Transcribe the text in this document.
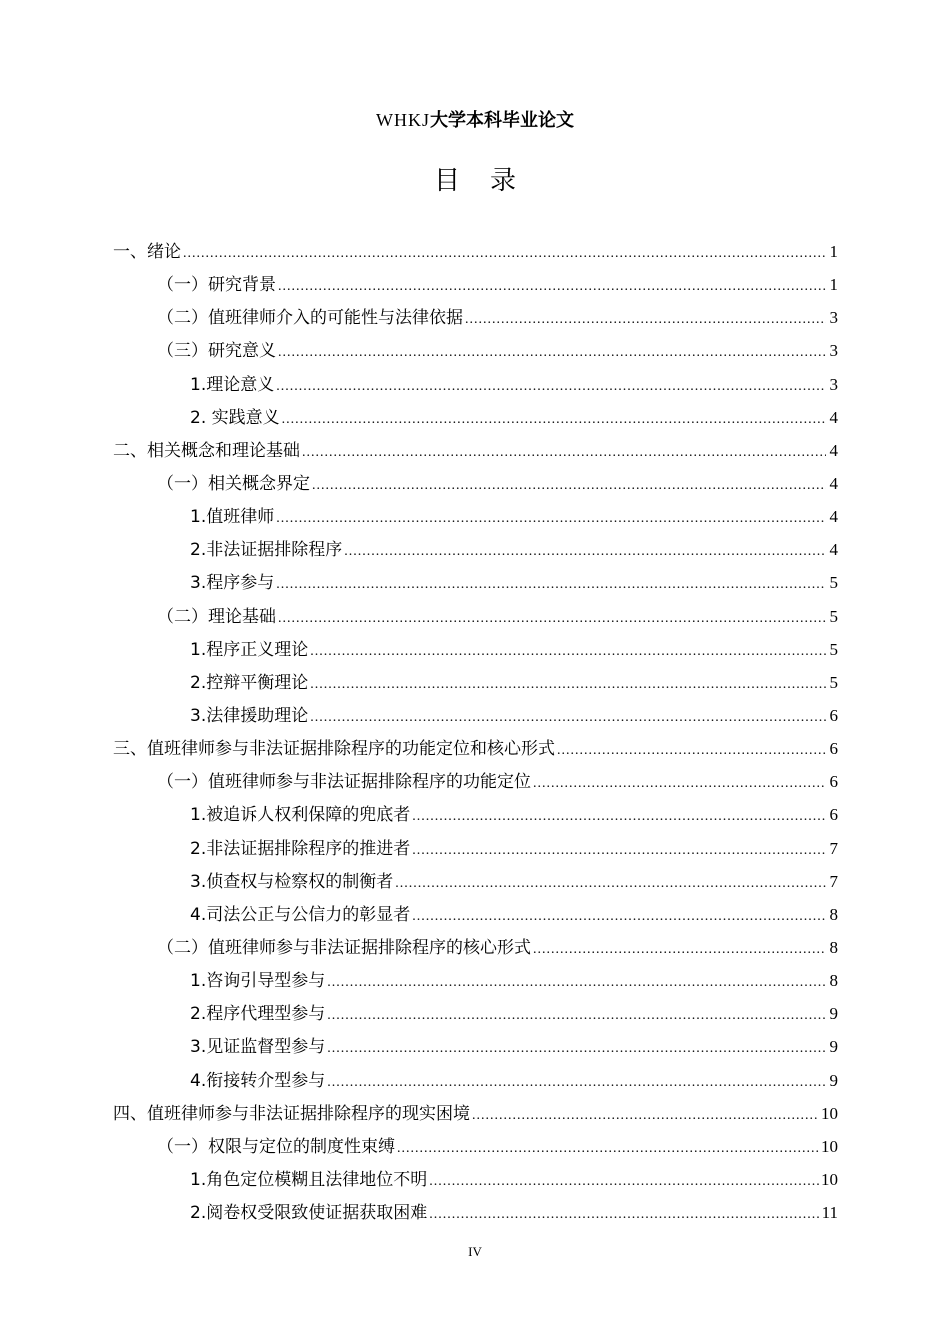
WHKJ大学本科毕业论文
目录
一、绪论 .....	1
（一）研究背景 .....	1
（二）值班律师介入的可能性与法律依据 .....	3
（三）研究意义 .....	3
1.理论意义 .....	3
2. 实践意义 .....	4
二、相关概念和理论基础 .....	4
（一）相关概念界定 .....	4
1.值班律师 .....	4
2.非法证据排除程序 .....	4
3.程序参与 .....	5
（二）理论基础 .....	5
1.程序正义理论 .....	5
2.控辩平衡理论 .....	5
3.法律援助理论 .....	6
三、值班律师参与非法证据排除程序的功能定位和核心形式 .....	6
（一）值班律师参与非法证据排除程序的功能定位 .....	6
1.被追诉人权利保障的兜底者 .....	6
2.非法证据排除程序的推进者 .....	7
3.侦查权与检察权的制衡者 .....	7
4.司法公正与公信力的彰显者 .....	8
（二）值班律师参与非法证据排除程序的核心形式 .....	8
1.咨询引导型参与 .....	8
2.程序代理型参与 .....	9
3.见证监督型参与 .....	9
4.衔接转介型参与 .....	9
四、值班律师参与非法证据排除程序的现实困境 .....	10
（一）权限与定位的制度性束缚 .....	10
1.角色定位模糊且法律地位不明 .....	10
2.阅卷权受限致使证据获取困难 .....	11
IV
